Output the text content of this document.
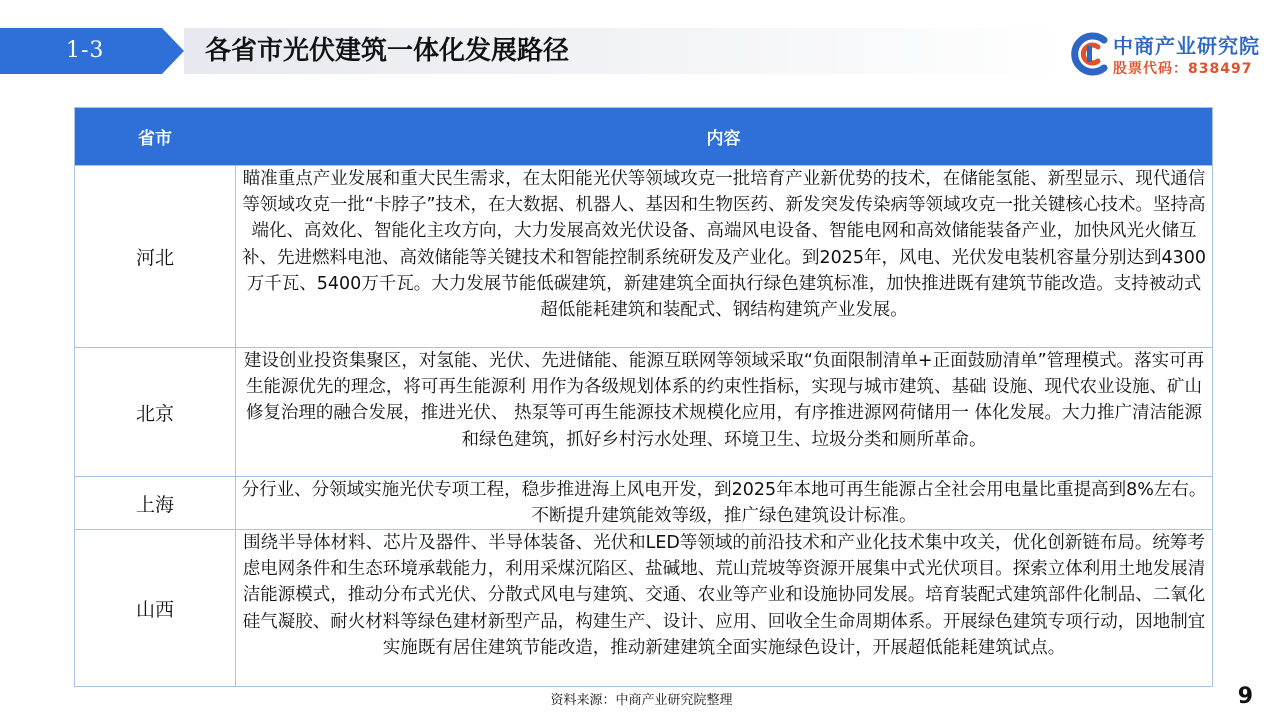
1-3	各省市光伏建筑一体化发展路径	中商产业研究院
股票代码：838497
省市	内容
河北
瞄准重点产业发展和重大民生需求，在太阳能光伏等领域攻克一批培育产业新优势的技术，在储能氢能、新型显示、现代通信等领域攻克一批“卡脖子”技术，在大数据、机器人、基因和生物医药、新发突发传染病等领域攻克一批关键核心技术。坚持高端化、高效化、智能化主攻方向，大力发展高效光伏设备、高端风电设备、智能电网和高效储能装备产业，加快风光火储互补、先进燃料电池、高效储能等关键技术和智能控制系统研发及产业化。到2025年，风电、光伏发电装机容量分别达到4300万千瓦、5400万千瓦。大力发展节能低碳建筑，新建建筑全面执行绿色建筑标准，加快推进既有建筑节能改造。支持被动式超低能耗建筑和装配式、钢结构建筑产业发展。
北京
建设创业投资集聚区，对氢能、光伏、先进储能、能源互联网等领域采取“负面限制清单+正面鼓励清单”管理模式。落实可再生能源优先的理念，将可再生能源利 用作为各级规划体系的约束性指标，实现与城市建筑、基础 设施、现代农业设施、矿山修复治理的融合发展，推进光伏、 热泵等可再生能源技术规模化应用，有序推进源网荷储用一 体化发展。大力推广清洁能源和绿色建筑，抓好乡村污水处理、环境卫生、垃圾分类和厕所革命。
上海
分行业、分领域实施光伏专项工程，稳步推进海上风电开发，到2025年本地可再生能源占全社会用电量比重提高到8%左右。不断提升建筑能效等级，推广绿色建筑设计标准。
山西
围绕半导体材料、芯片及器件、半导体装备、光伏和LED等领域的前沿技术和产业化技术集中攻关，优化创新链布局。统筹考虑电网条件和生态环境承载能力，利用采煤沉陷区、盐碱地、荒山荒坡等资源开展集中式光伏项目。探索立体利用土地发展清洁能源模式，推动分布式光伏、分散式风电与建筑、交通、农业等产业和设施协同发展。培育装配式建筑部件化制品、二氧化硅气凝胶、耐火材料等绿色建材新型产品，构建生产、设计、应用、回收全生命周期体系。开展绿色建筑专项行动，因地制宜实施既有居住建筑节能改造，推动新建建筑全面实施绿色设计，开展超低能耗建筑试点。
资料来源：中商产业研究院整理	9
